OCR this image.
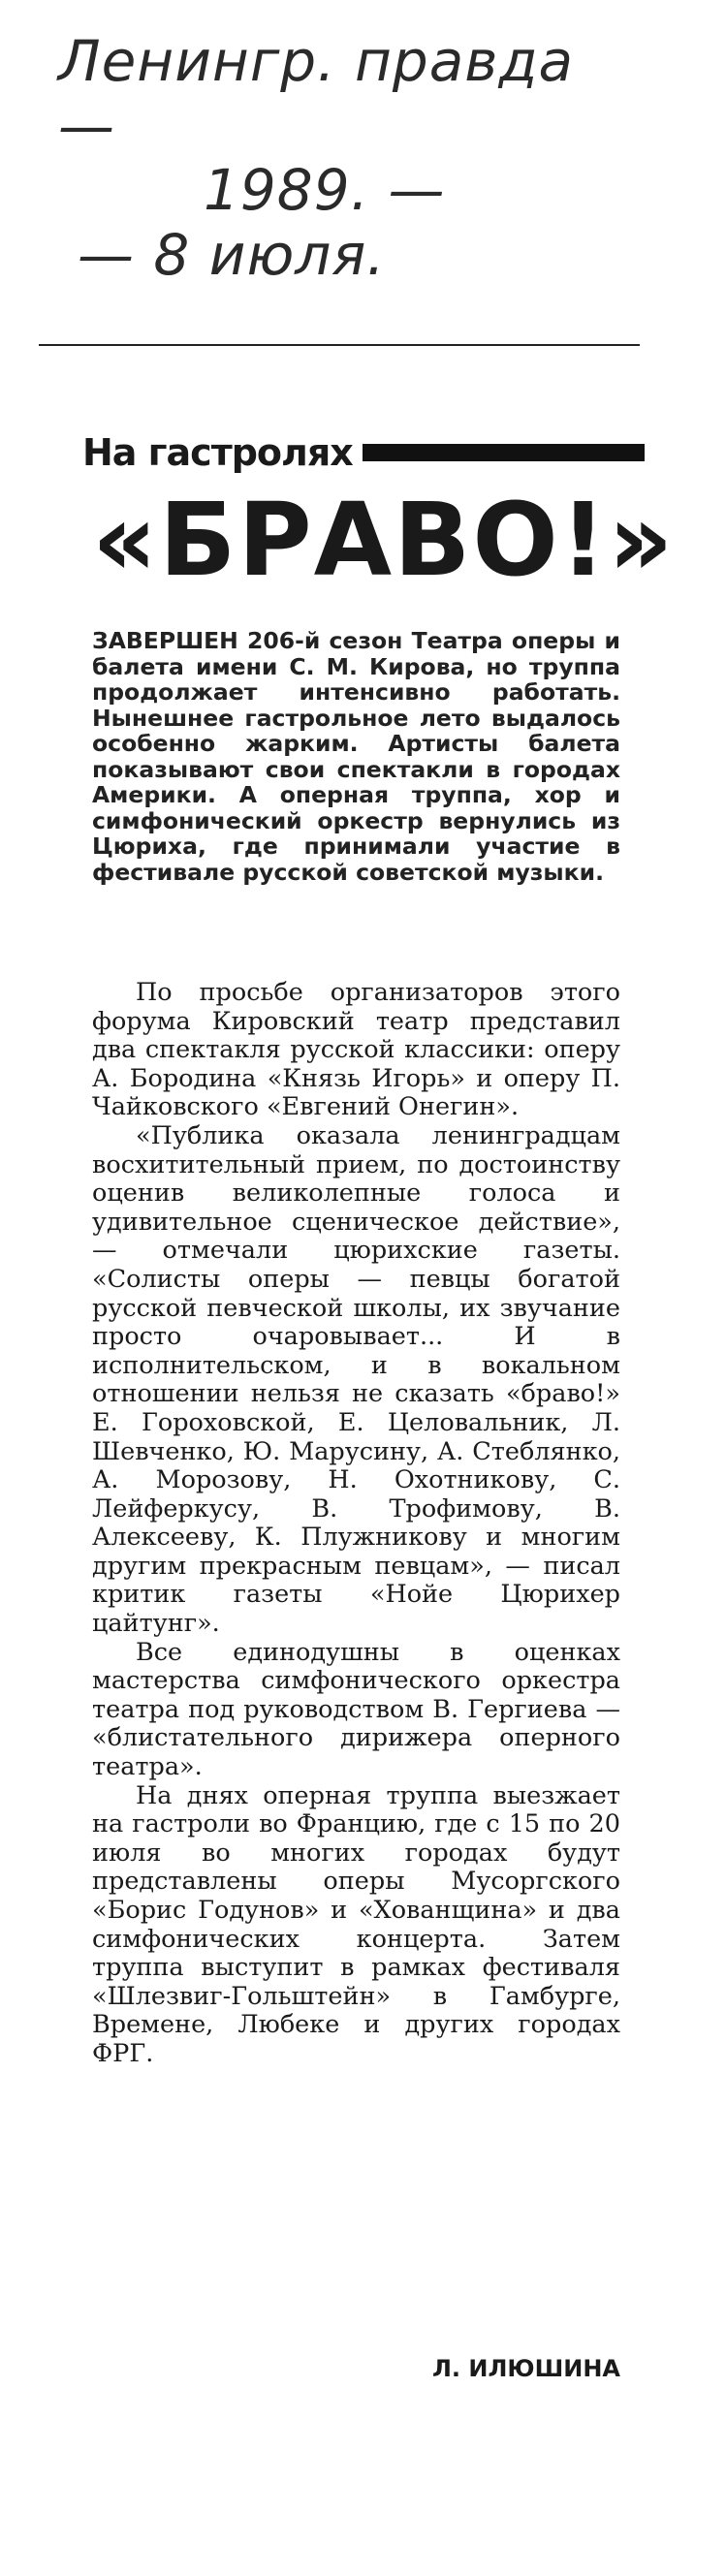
Ленингр. правда —
1989. —
— 8 июля.
На гастролях
«БРАВО!»
ЗАВЕРШЕН 206-й сезон Театра оперы и балета имени С. М. Кирова, но труппа продолжает интенсивно работать. Нынешнее гастрольное лето выдалось особенно жарким. Артисты балета показывают свои спектакли в городах Америки. А оперная труппа, хор и симфонический оркестр вернулись из Цюриха, где принимали участие в фестивале русской советской музыки.

По просьбе организаторов этого форума Кировский театр представил два спектакля русской классики: оперу А. Бородина «Князь Игорь» и оперу П. Чайковского «Евгений Онегин».

«Публика оказала ленинградцам восхитительный прием, по достоинству оценив великолепные голоса и удивительное сценическое действие», — отмечали цюрихские газеты. «Солисты оперы — певцы богатой русской певческой школы, их звучание просто очаровывает... И в исполнительском, и в вокальном отношении нельзя не сказать «браво!» Е. Гороховской, Е. Целовальник, Л. Шевченко, Ю. Марусину, А. Стеблянко, А. Морозову, Н. Охотникову, С. Лейферкусу, В. Трофимову, В. Алексееву, К. Плужникову и многим другим прекрасным певцам», — писал критик газеты «Нойе Цюрихер цайтунг».

Все единодушны в оценках мастерства симфонического оркестра театра под руководством В. Гергиева — «блистательного дирижера оперного театра».

На днях оперная труппа выезжает на гастроли во Францию, где с 15 по 20 июля во многих городах будут представлены оперы Мусоргского «Борис Годунов» и «Хованщина» и два симфонических концерта. Затем труппа выступит в рамках фестиваля «Шлезвиг-Гольштейн» в Гамбурге, Времене, Любеке и других городах ФРГ.

Л. ИЛЮШИНА
